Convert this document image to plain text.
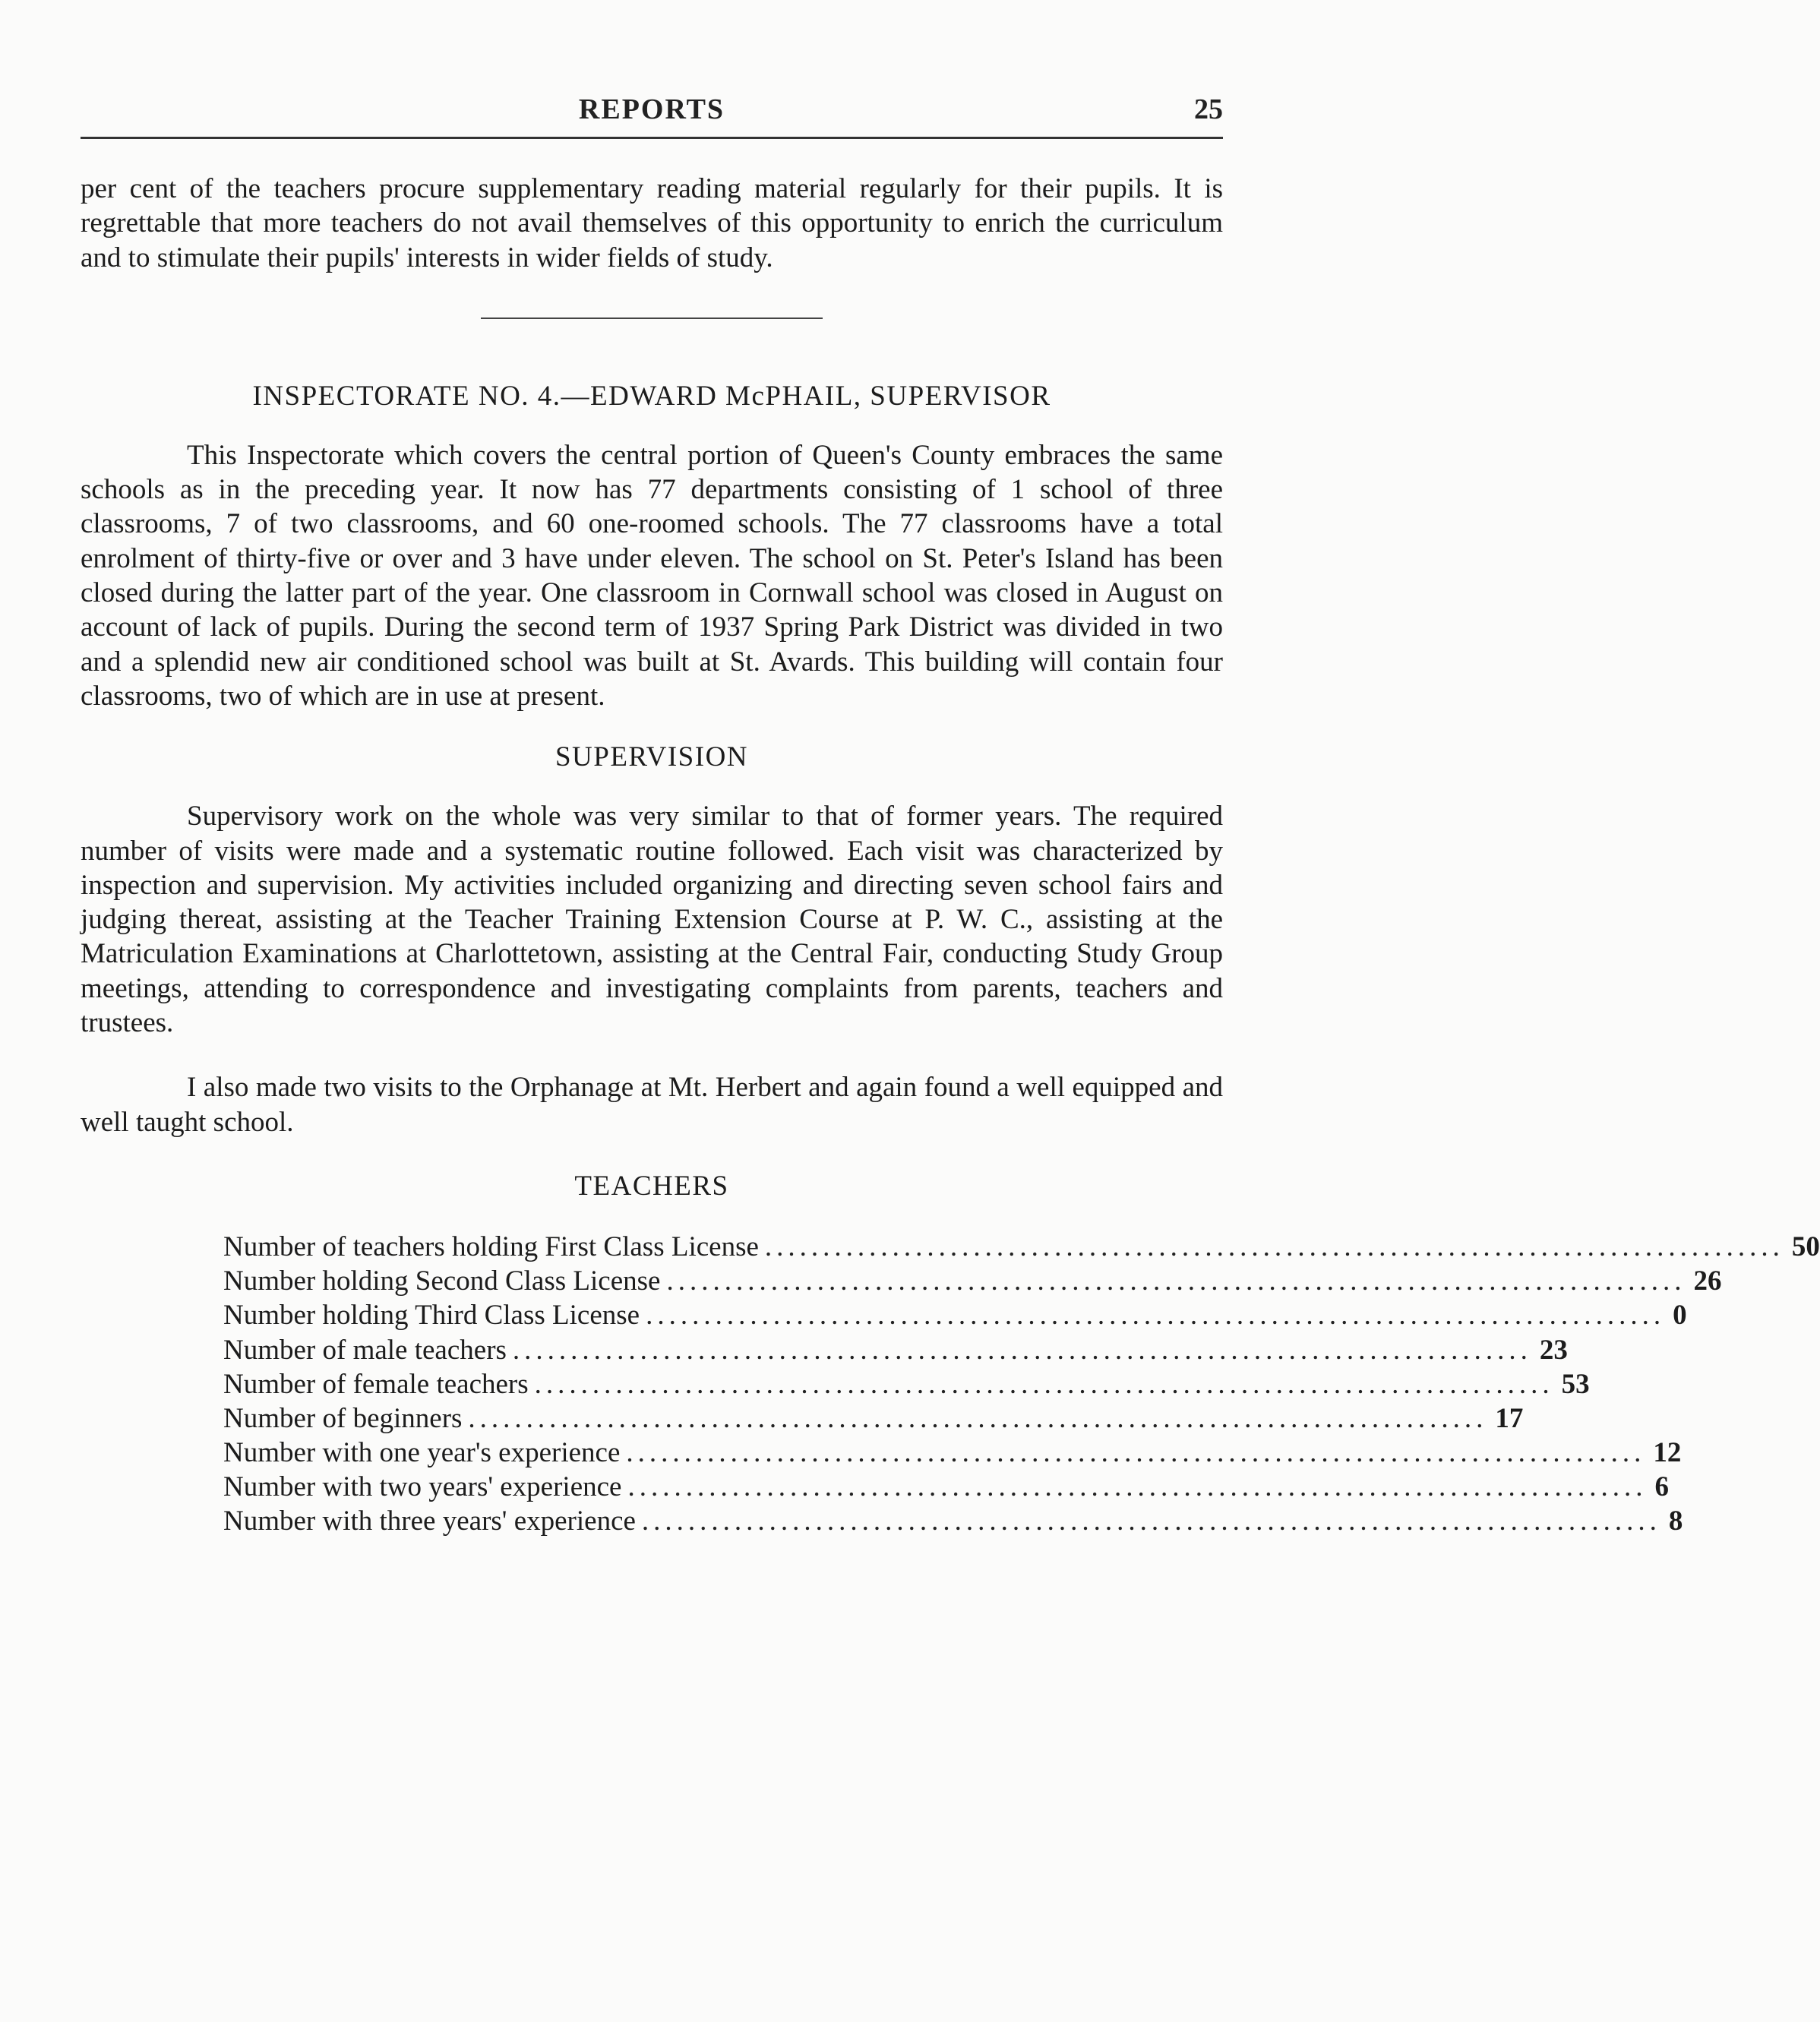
REPORTS	25

per cent of the teachers procure supplementary reading material regularly for their pupils. It is regrettable that more teachers do not avail themselves of this opportunity to enrich the curriculum and to stimulate their pupils' interests in wider fields of study.

INSPECTORATE NO. 4.—EDWARD McPHAIL, SUPERVISOR

This Inspectorate which covers the central portion of Queen's County embraces the same schools as in the preceding year. It now has 77 departments consisting of 1 school of three classrooms, 7 of two classrooms, and 60 one-roomed schools. The 77 classrooms have a total enrolment of thirty-five or over and 3 have under eleven. The school on St. Peter's Island has been closed during the latter part of the year. One classroom in Cornwall school was closed in August on account of lack of pupils. During the second term of 1937 Spring Park District was divided in two and a splendid new air conditioned school was built at St. Avards. This building will contain four classrooms, two of which are in use at present.

SUPERVISION

Supervisory work on the whole was very similar to that of former years. The required number of visits were made and a systematic routine followed. Each visit was characterized by inspection and supervision. My activities included organizing and directing seven school fairs and judging thereat, assisting at the Teacher Training Extension Course at P. W. C., assisting at the Matriculation Examinations at Charlottetown, assisting at the Central Fair, conducting Study Group meetings, attending to correspondence and investigating complaints from parents, teachers and trustees.

I also made two visits to the Orphanage at Mt. Herbert and again found a well equipped and well taught school.

TEACHERS
Number of teachers holding First Class License ........................................................................................ 50
Number holding Second Class License ........................................................................................ 26
Number holding Third Class License ........................................................................................ 0
Number of male teachers ........................................................................................ 23
Number of female teachers ........................................................................................ 53
Number of beginners ........................................................................................ 17
Number with one year's experience ........................................................................................ 12
Number with two years' experience ........................................................................................ 6
Number with three years' experience ........................................................................................ 8
